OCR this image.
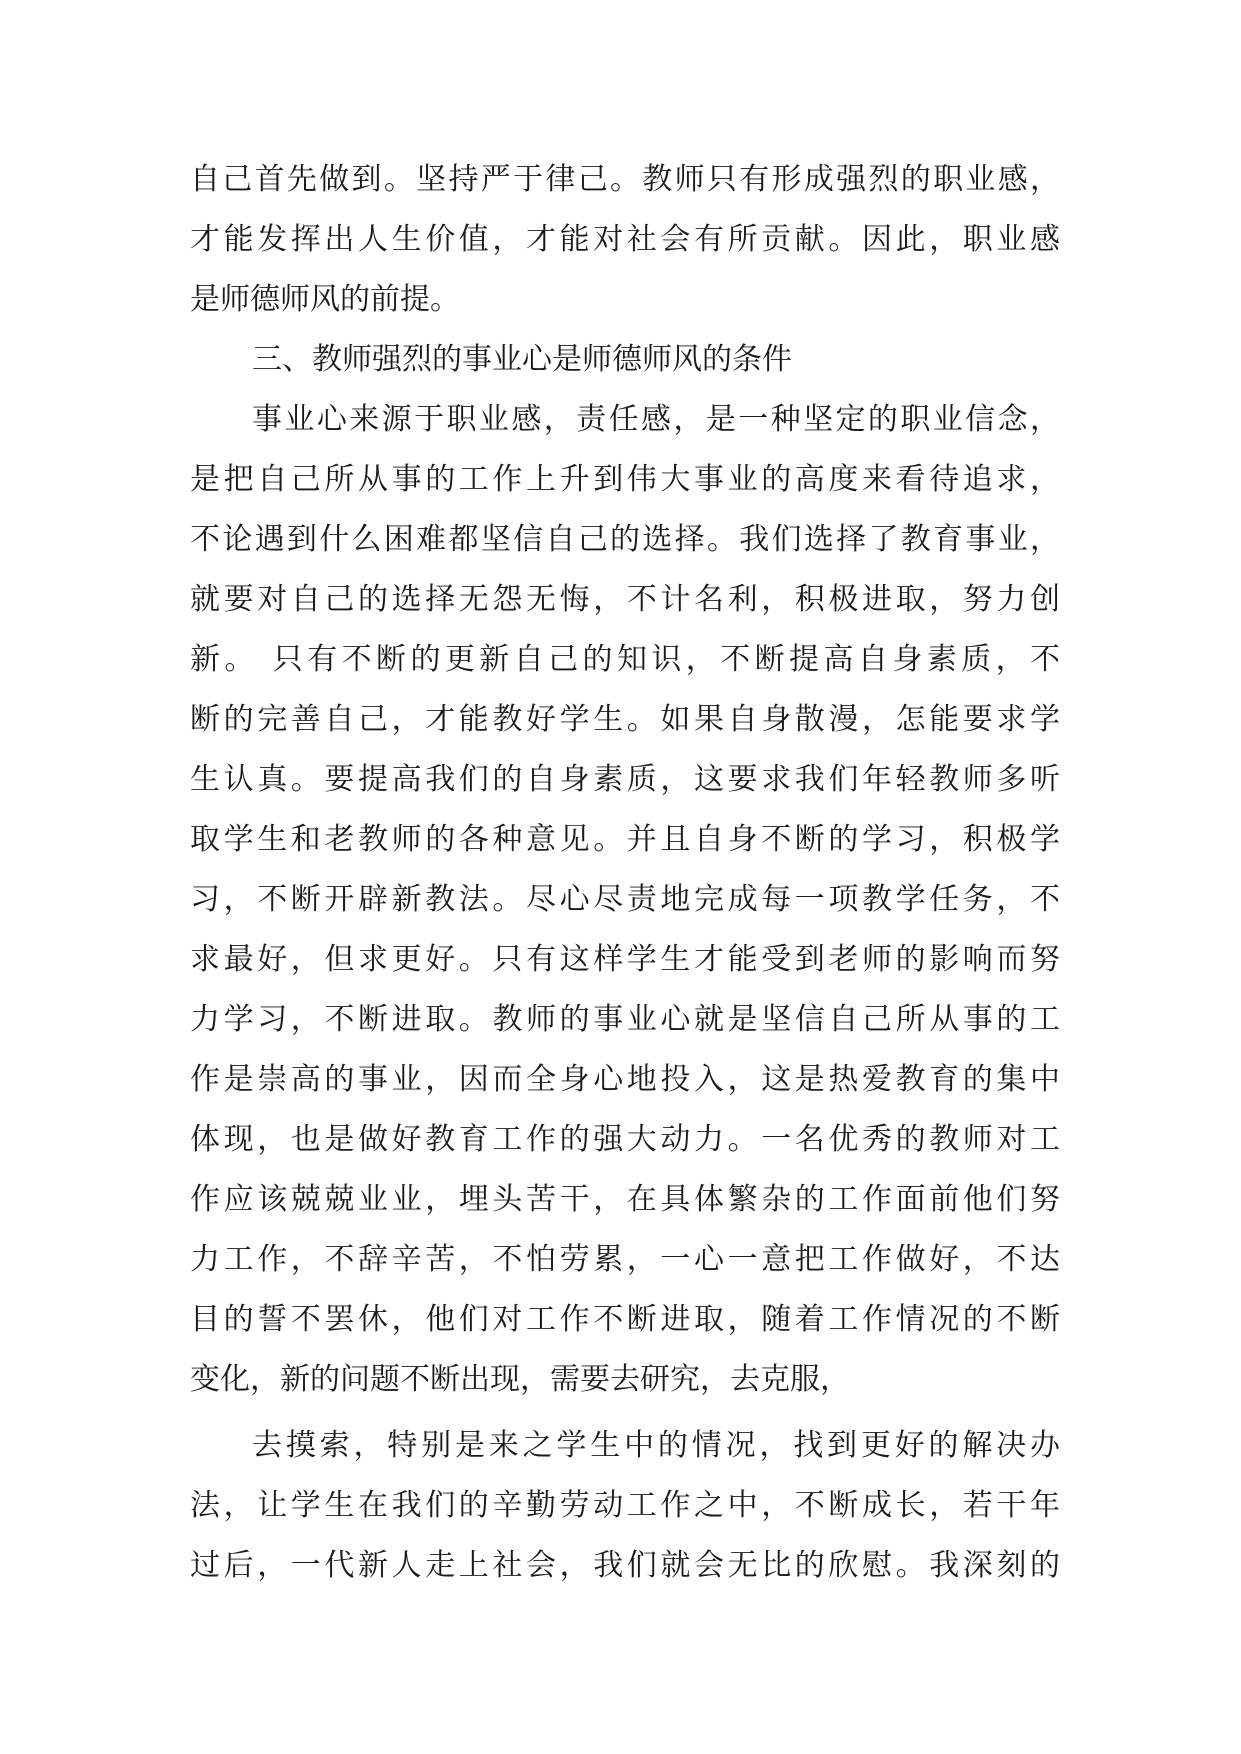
自己首先做到。坚持严于律己。教师只有形成强烈的职业感，
才能发挥出人生价值，才能对社会有所贡献。因此，职业感
是师德师风的前提。
三、教师强烈的事业心是师德师风的条件
事业心来源于职业感，责任感，是一种坚定的职业信念，
是把自己所从事的工作上升到伟大事业的高度来看待追求，
不论遇到什么困难都坚信自己的选择。我们选择了教育事业，
就要对自己的选择无怨无悔，不计名利，积极进取，努力创
新。 只有不断的更新自己的知识，不断提高自身素质，不
断的完善自己，才能教好学生。如果自身散漫，怎能要求学
生认真。要提高我们的自身素质，这要求我们年轻教师多听
取学生和老教师的各种意见。并且自身不断的学习，积极学
习，不断开辟新教法。尽心尽责地完成每一项教学任务，不
求最好，但求更好。只有这样学生才能受到老师的影响而努
力学习，不断进取。教师的事业心就是坚信自己所从事的工
作是崇高的事业，因而全身心地投入，这是热爱教育的集中
体现，也是做好教育工作的强大动力。一名优秀的教师对工
作应该兢兢业业，埋头苦干，在具体繁杂的工作面前他们努
力工作，不辞辛苦，不怕劳累，一心一意把工作做好，不达
目的誓不罢休，他们对工作不断进取，随着工作情况的不断
变化，新的问题不断出现，需要去研究，去克服，
去摸索，特别是来之学生中的情况，找到更好的解决办
法，让学生在我们的辛勤劳动工作之中，不断成长，若干年
过后，一代新人走上社会，我们就会无比的欣慰。我深刻的
